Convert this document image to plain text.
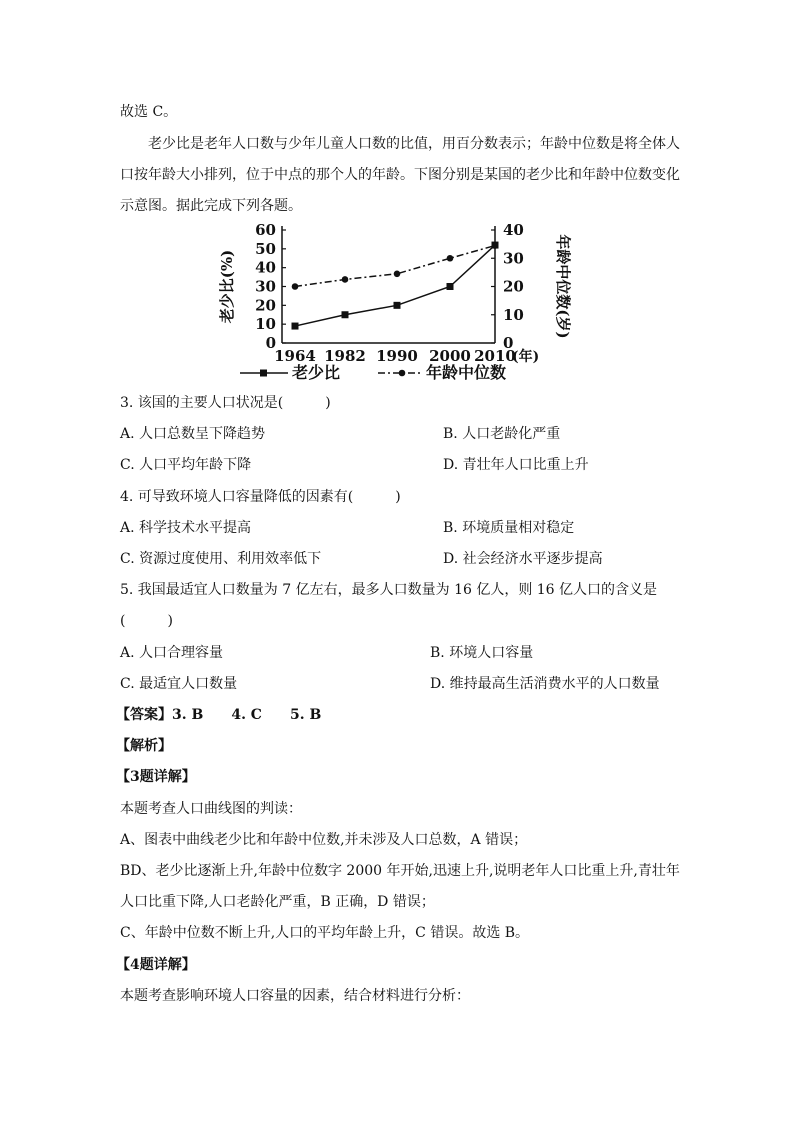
故选 C。
老少比是老年人口数与少年儿童人口数的比值，用百分数表示；年龄中位数是将全体人
口按年龄大小排列，位于中点的那个人的年龄。下图分别是某国的老少比和年龄中位数变化
示意图。据此完成下列各题。
0
10
20
30
40
50
60
0
10
20
30
40
1964 1982 1990 2000 2010
(年)
老少比(%)	年龄中位数(岁)
老少比	年龄中位数
3. 该国的主要人口状况是(　　　)
A. 人口总数呈下降趋势	B. 人口老龄化严重
C. 人口平均年龄下降	D. 青壮年人口比重上升
4. 可导致环境人口容量降低的因素有(　　　)
A. 科学技术水平提高	B. 环境质量相对稳定
C. 资源过度使用、利用效率低下	D. 社会经济水平逐步提高
5. 我国最适宜人口数量为 7 亿左右，最多人口数量为 16 亿人，则 16 亿人口的含义是
(　　　)
A. 人口合理容量	B. 环境人口容量
C. 最适宜人口数量	D. 维持最高生活消费水平的人口数量
【答案】3. B　　4. C　　5. B
【解析】
【3题详解】
本题考查人口曲线图的判读：
A、图表中曲线老少比和年龄中位数,并未涉及人口总数，A 错误；
BD、老少比逐渐上升,年龄中位数字 2000 年开始,迅速上升,说明老年人口比重上升,青壮年
人口比重下降,人口老龄化严重，B 正确，D 错误；
C、年龄中位数不断上升,人口的平均年龄上升，C 错误。故选 B。
【4题详解】
本题考查影响环境人口容量的因素，结合材料进行分析：
